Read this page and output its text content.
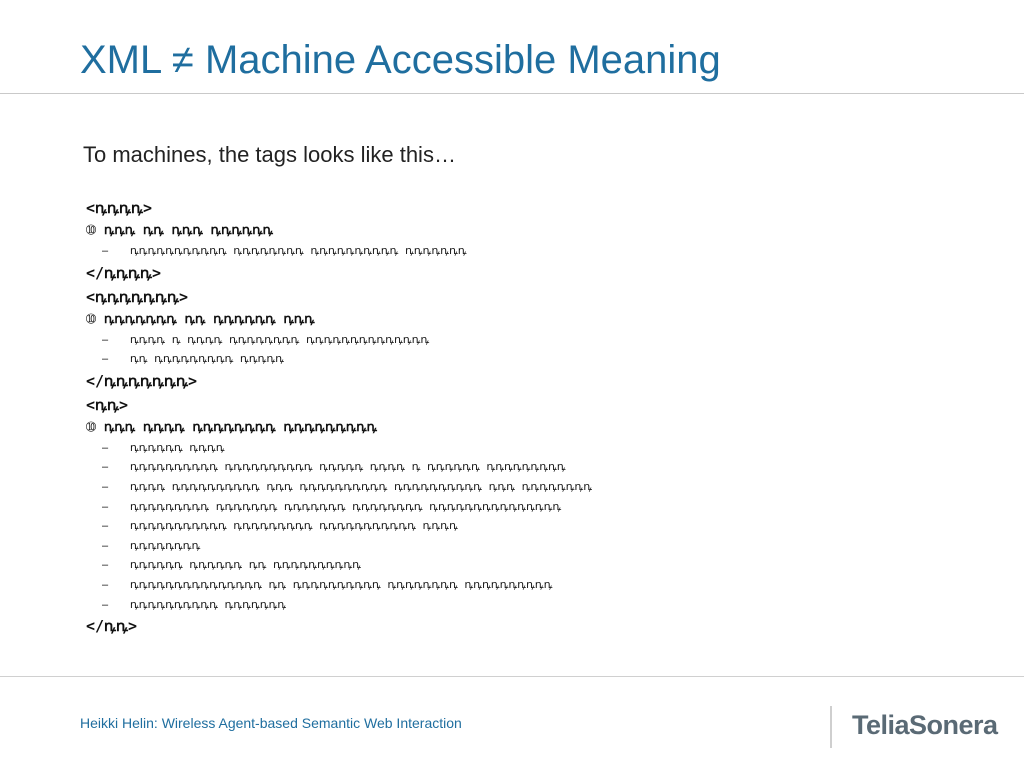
XML ≠ Machine Accessible Meaning
To machines, the tags looks like this…
<ꝴꝴꝴꝴ>
➉ ꝴꝴꝴ ꝴꝴ ꝴꝴꝴ ꝴꝴꝴꝴꝴꝴ
– ꝴꝴꝴꝴꝴꝴꝴꝴꝴꝴꝴ ꝴꝴꝴꝴꝴꝴꝴꝴ ꝴꝴꝴꝴꝴꝴꝴꝴꝴꝴ ꝴꝴꝴꝴꝴꝴꝴ
</ꝴꝴꝴꝴ>
<ꝴꝴꝴꝴꝴꝴꝴ>
➉ ꝴꝴꝴꝴꝴꝴꝴ ꝴꝴ ꝴꝴꝴꝴꝴꝴ ꝴꝴꝴ
– ꝴꝴꝴꝴ ꝴ ꝴꝴꝴꝴ ꝴꝴꝴꝴꝴꝴꝴꝴ ꝴꝴꝴꝴꝴꝴꝴꝴꝴꝴꝴꝴꝴꝴ
– ꝴꝴ ꝴꝴꝴꝴꝴꝴꝴꝴꝴ ꝴꝴꝴꝴꝴ
</ꝴꝴꝴꝴꝴꝴꝴ>
<ꝴꝴ>
➉ ꝴꝴꝴ ꝴꝴꝴꝴ ꝴꝴꝴꝴꝴꝴꝴꝴ ꝴꝴꝴꝴꝴꝴꝴꝴꝴ
– ꝴꝴꝴꝴꝴꝴ ꝴꝴꝴꝴ
– ꝴꝴꝴꝴꝴꝴꝴꝴꝴꝴ ꝴꝴꝴꝴꝴꝴꝴꝴꝴꝴ ꝴꝴꝴꝴꝴ ꝴꝴꝴꝴ ꝴ ꝴꝴꝴꝴꝴꝴ ꝴꝴꝴꝴꝴꝴꝴꝴꝴ
– ꝴꝴꝴꝴ ꝴꝴꝴꝴꝴꝴꝴꝴꝴꝴ ꝴꝴꝴ ꝴꝴꝴꝴꝴꝴꝴꝴꝴꝴ ꝴꝴꝴꝴꝴꝴꝴꝴꝴꝴ ꝴꝴꝴ ꝴꝴꝴꝴꝴꝴꝴꝴ
– ꝴꝴꝴꝴꝴꝴꝴꝴꝴ ꝴꝴꝴꝴꝴꝴꝴ ꝴꝴꝴꝴꝴꝴꝴ ꝴꝴꝴꝴꝴꝴꝴꝴ ꝴꝴꝴꝴꝴꝴꝴꝴꝴꝴꝴꝴꝴꝴꝴ
– ꝴꝴꝴꝴꝴꝴꝴꝴꝴꝴꝴ ꝴꝴꝴꝴꝴꝴꝴꝴꝴ ꝴꝴꝴꝴꝴꝴꝴꝴꝴꝴꝴ ꝴꝴꝴꝴ
– ꝴꝴꝴꝴꝴꝴꝴꝴ
– ꝴꝴꝴꝴꝴꝴ ꝴꝴꝴꝴꝴꝴ ꝴꝴ ꝴꝴꝴꝴꝴꝴꝴꝴꝴꝴ
– ꝴꝴꝴꝴꝴꝴꝴꝴꝴꝴꝴꝴꝴꝴꝴ ꝴꝴ ꝴꝴꝴꝴꝴꝴꝴꝴꝴꝴ ꝴꝴꝴꝴꝴꝴꝴꝴ ꝴꝴꝴꝴꝴꝴꝴꝴꝴꝴ
– ꝴꝴꝴꝴꝴꝴꝴꝴꝴꝴ ꝴꝴꝴꝴꝴꝴꝴ
</ꝴꝴ>
Heikki Helin: Wireless Agent-based Semantic Web Interaction	TeliaSonera
